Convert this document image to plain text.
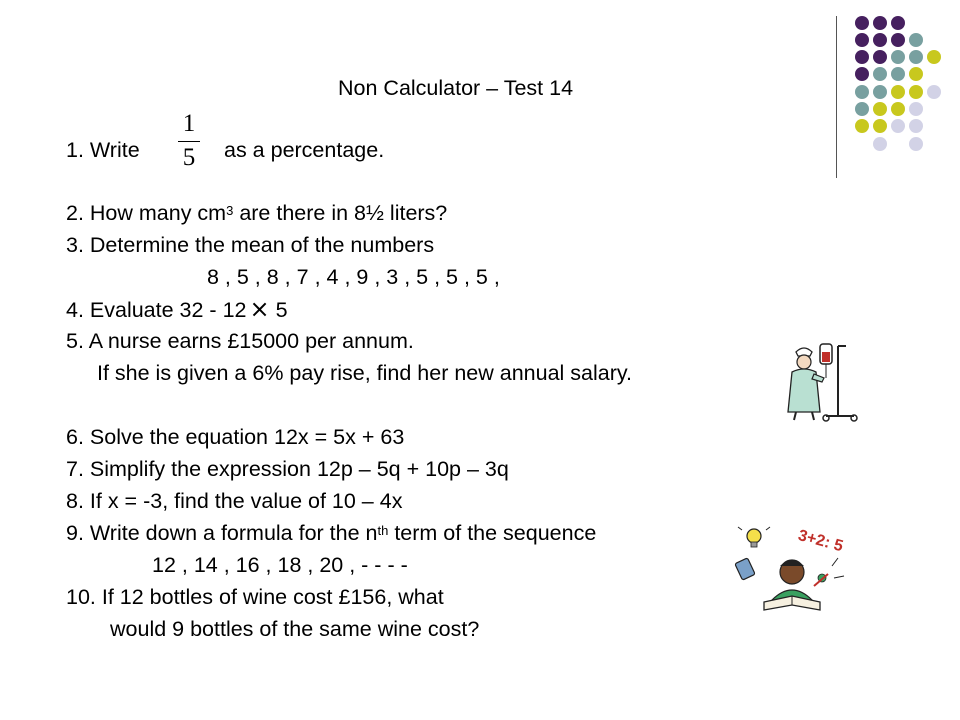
Non Calculator – Test 14
1. Write
1
5	as a percentage.
2. How many $cm^3$ are there in 8½ liters?
3. Determine the mean of the numbers
8 , 5 , 8 , 7 , 4 , 9 , 3 , 5 , 5 , 5 ,
4. Evaluate 32 - 12 × 5
5. A nurse earns £15000 per annum.
If she is given a 6% pay rise, find her new annual salary.
6. Solve the equation 12x = 5x + 63
7. Simplify the expression 12p – 5q + 10p – 3q
8. If x = -3, find the value of 10 – 4x
9. Write down a formula for the $n^{th}$ term of the sequence
12 , 14 , 16 , 18 , 20 , - - - -
10. If 12 bottles of wine cost £156, what
would 9 bottles of the same wine cost?
3+2: 5
